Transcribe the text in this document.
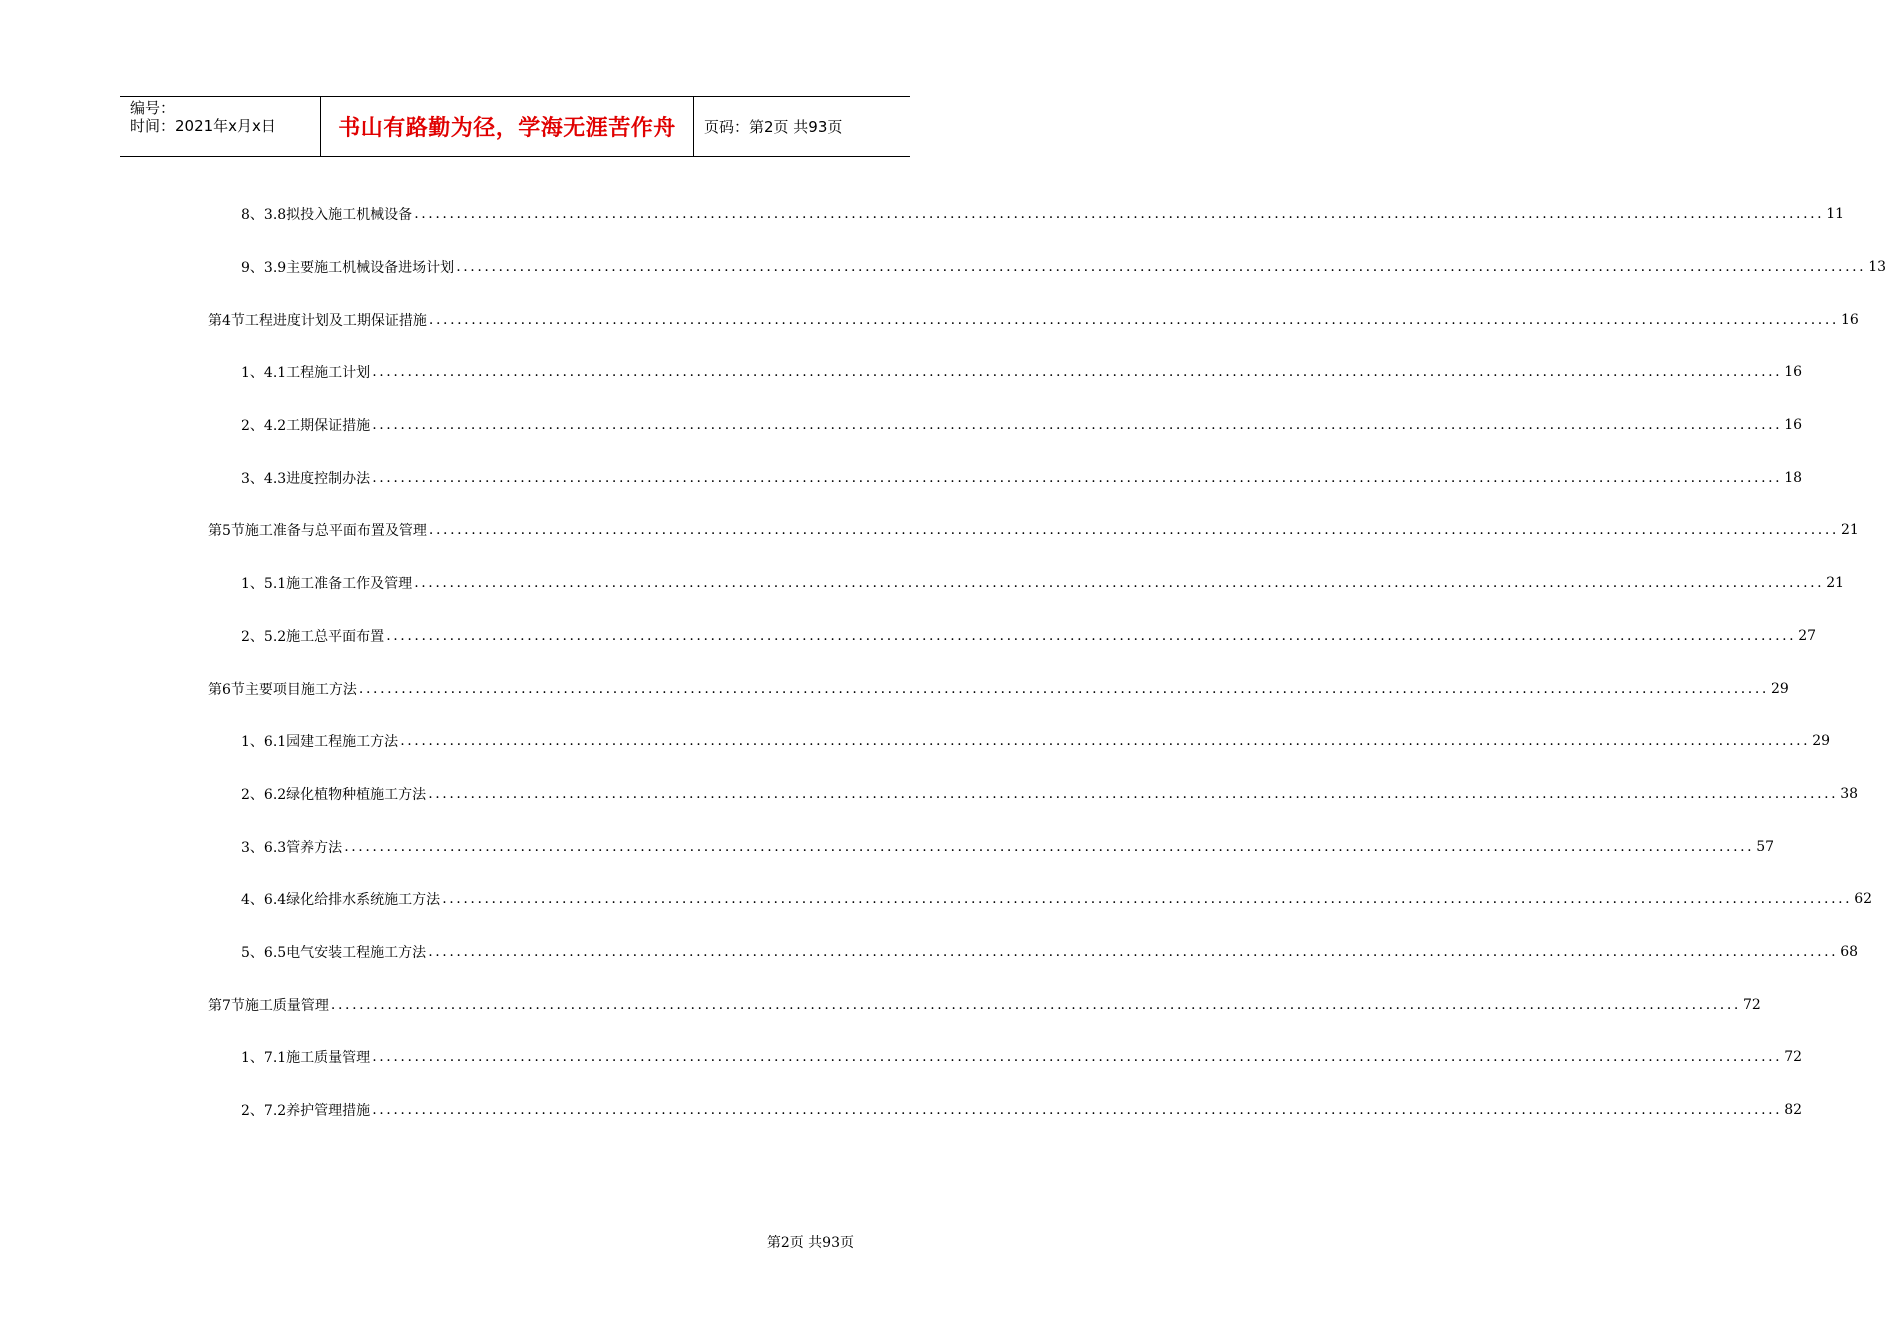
编号：
时间：2021年x月x日	书山有路勤为径，学海无涯苦作舟	页码：第2页 共93页
8、 3.8拟投入施工机械设备 ........................................................................................................................................................................................................ 11
9、 3.9主要施工机械设备进场计划 ........................................................................................................................................................................................................ 13
第4节 工程进度计划及工期保证措施 ........................................................................................................................................................................................................ 16
1、 4.1工程施工计划 ........................................................................................................................................................................................................ 16
2、 4.2工期保证措施 ........................................................................................................................................................................................................ 16
3、 4.3进度控制办法 ........................................................................................................................................................................................................ 18
第5节 施工准备与总平面布置及管理 ........................................................................................................................................................................................................ 21
1、 5.1施工准备工作及管理 ........................................................................................................................................................................................................ 21
2、 5.2施工总平面布置 ........................................................................................................................................................................................................ 27
第6节 主要项目施工方法 ........................................................................................................................................................................................................ 29
1、 6.1园建工程施工方法 ........................................................................................................................................................................................................ 29
2、 6.2绿化植物种植施工方法 ........................................................................................................................................................................................................ 38
3、 6.3管养方法 ........................................................................................................................................................................................................ 57
4、 6.4绿化给排水系统施工方法 ........................................................................................................................................................................................................ 62
5、 6.5电气安装工程施工方法 ........................................................................................................................................................................................................ 68
第7节 施工质量管理 ........................................................................................................................................................................................................ 72
1、 7.1施工质量管理 ........................................................................................................................................................................................................ 72
2、 7.2养护管理措施 ........................................................................................................................................................................................................ 82
第2页 共93页
